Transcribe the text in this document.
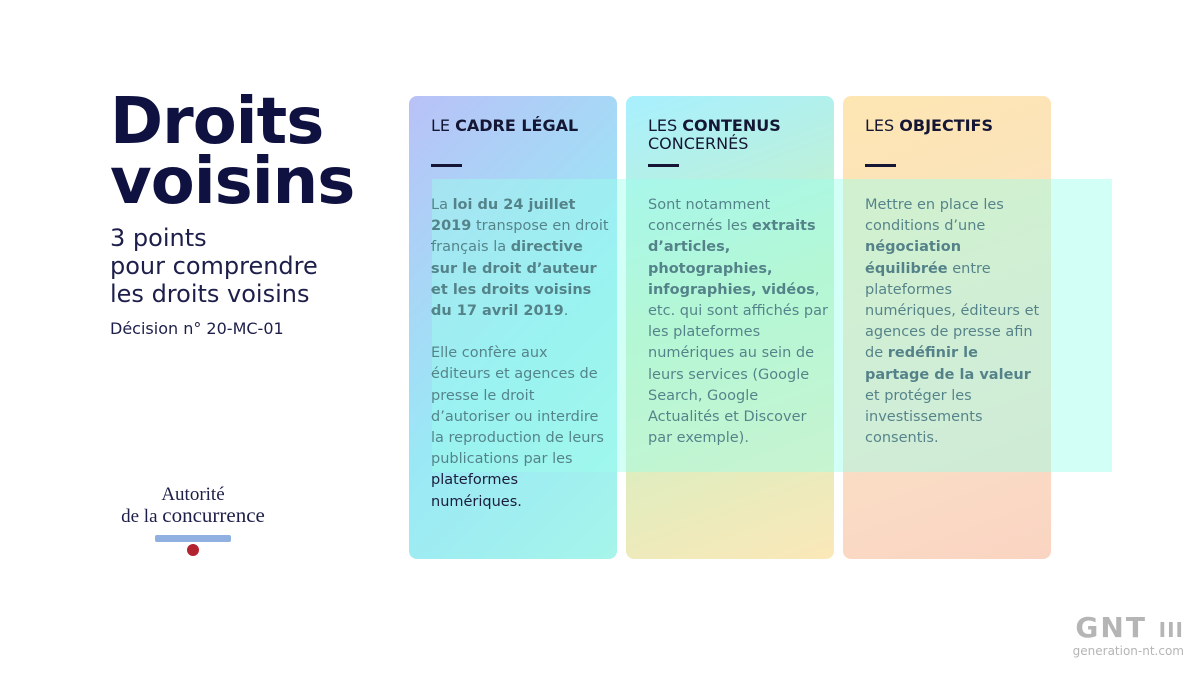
Droits
voisins
3 points
pour comprendre
les droits voisins
Décision n° 20-MC-01
Autorité
de la concurrence
LE CADRE LÉGAL

La loi du 24 juillet 2019 transpose en droit français la directive sur le droit d’auteur et les droits voisins du 17 avril 2019.

Elle confère aux éditeurs et agences de presse le droit d’autoriser ou interdire la reproduction de leurs publications par les plateformes numériques.

LES CONTENUS
CONCERNÉS

Sont notamment concernés les extraits d’articles, photographies, infographies, vidéos, etc. qui sont affichés par les plateformes numériques au sein de leurs services (Google Search, Google Actualités et Discover par exemple).

LES OBJECTIFS

Mettre en place les conditions d’une négociation équilibrée entre plateformes numériques, éditeurs et agences de presse afin de redéfinir le partage de la valeur et protéger les investissements consentis.

GNT III
generation-nt.com
